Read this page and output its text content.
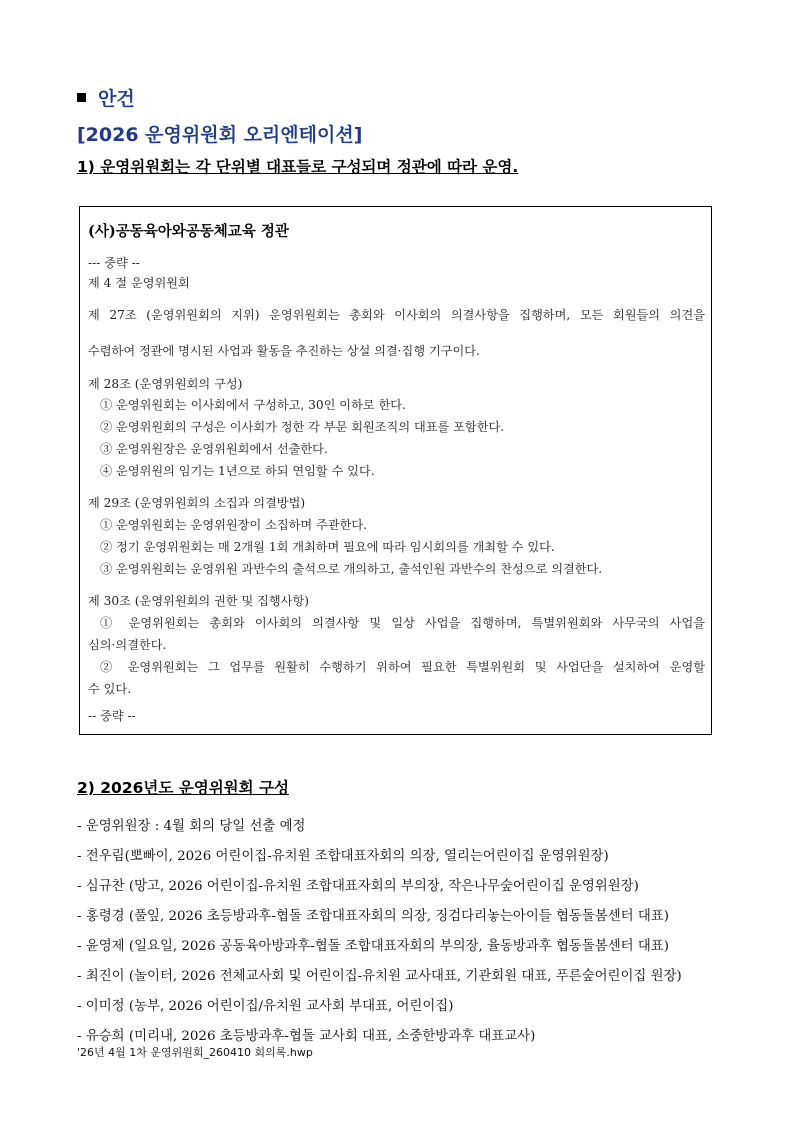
안건
[2026 운영위원회 오리엔테이션]
1) 운영위원회는 각 단위별 대표들로 구성되며 정관에 따라 운영.
(사)공동육아와공동체교육 정관
--- 중략 --
제 4 절 운영위원회
제 27조 (운영위원회의 지위) 운영위원회는 총회와 이사회의 의결사항을 집행하며, 모든 회원들의 의견을
수렴하여 정관에 명시된 사업과 활동을 추진하는 상설 의결·집행 기구이다.
제 28조 (운영위원회의 구성)
① 운영위원회는 이사회에서 구성하고, 30인 이하로 한다.
② 운영위원회의 구성은 이사회가 정한 각 부문 회원조직의 대표를 포함한다.
③ 운영위원장은 운영위원회에서 선출한다.
④ 운영위원의 임기는 1년으로 하되 연임할 수 있다.
제 29조 (운영위원회의 소집과 의결방법)
① 운영위원회는 운영위원장이 소집하며 주관한다.
② 정기 운영위원회는 매 2개월 1회 개최하며 필요에 따라 임시회의를 개최할 수 있다.
③ 운영위원회는 운영위원 과반수의 출석으로 개의하고, 출석인원 과반수의 찬성으로 의결한다.
제 30조 (운영위원회의 권한 및 집행사항)
① 운영위원회는 총회와 이사회의 의결사항 및 일상 사업을 집행하며, 특별위원회와 사무국의 사업을
심의·의결한다.
② 운영위원회는 그 업무를 원활히 수행하기 위하여 필요한 특별위원회 및 사업단을 설치하여 운영할
수 있다.
-- 중략 --
2) 2026년도 운영위원회 구성
- 운영위원장 : 4월 회의 당일 선출 예정
- 전우림(뽀빠이, 2026 어린이집-유치원 조합대표자회의 의장, 열리는어린이집 운영위원장)
- 심규찬 (망고, 2026 어린이집-유치원 조합대표자회의 부의장, 작은나무숲어린이집 운영위원장)
- 홍령경 (풀잎, 2026 초등방과후-협돌 조합대표자회의 의장, 징검다리놓는아이들 협동돌봄센터 대표)
- 윤영제 (일요일, 2026 공동육아방과후-협돌 조합대표자회의 부의장, 율동방과후 협동돌봄센터 대표)
- 최진이 (놀이터, 2026 전체교사회 및 어린이집-유치원 교사대표, 기관회원 대표, 푸른숲어린이집 원장)
- 이미정 (농부, 2026 어린이집/유치원 교사회 부대표, 어린이집)
- 유승희 (미리내, 2026 초등방과후-협돌 교사회 대표, 소중한방과후 대표교사)
'26년 4월 1차 운영위원회_260410 회의록.hwp
